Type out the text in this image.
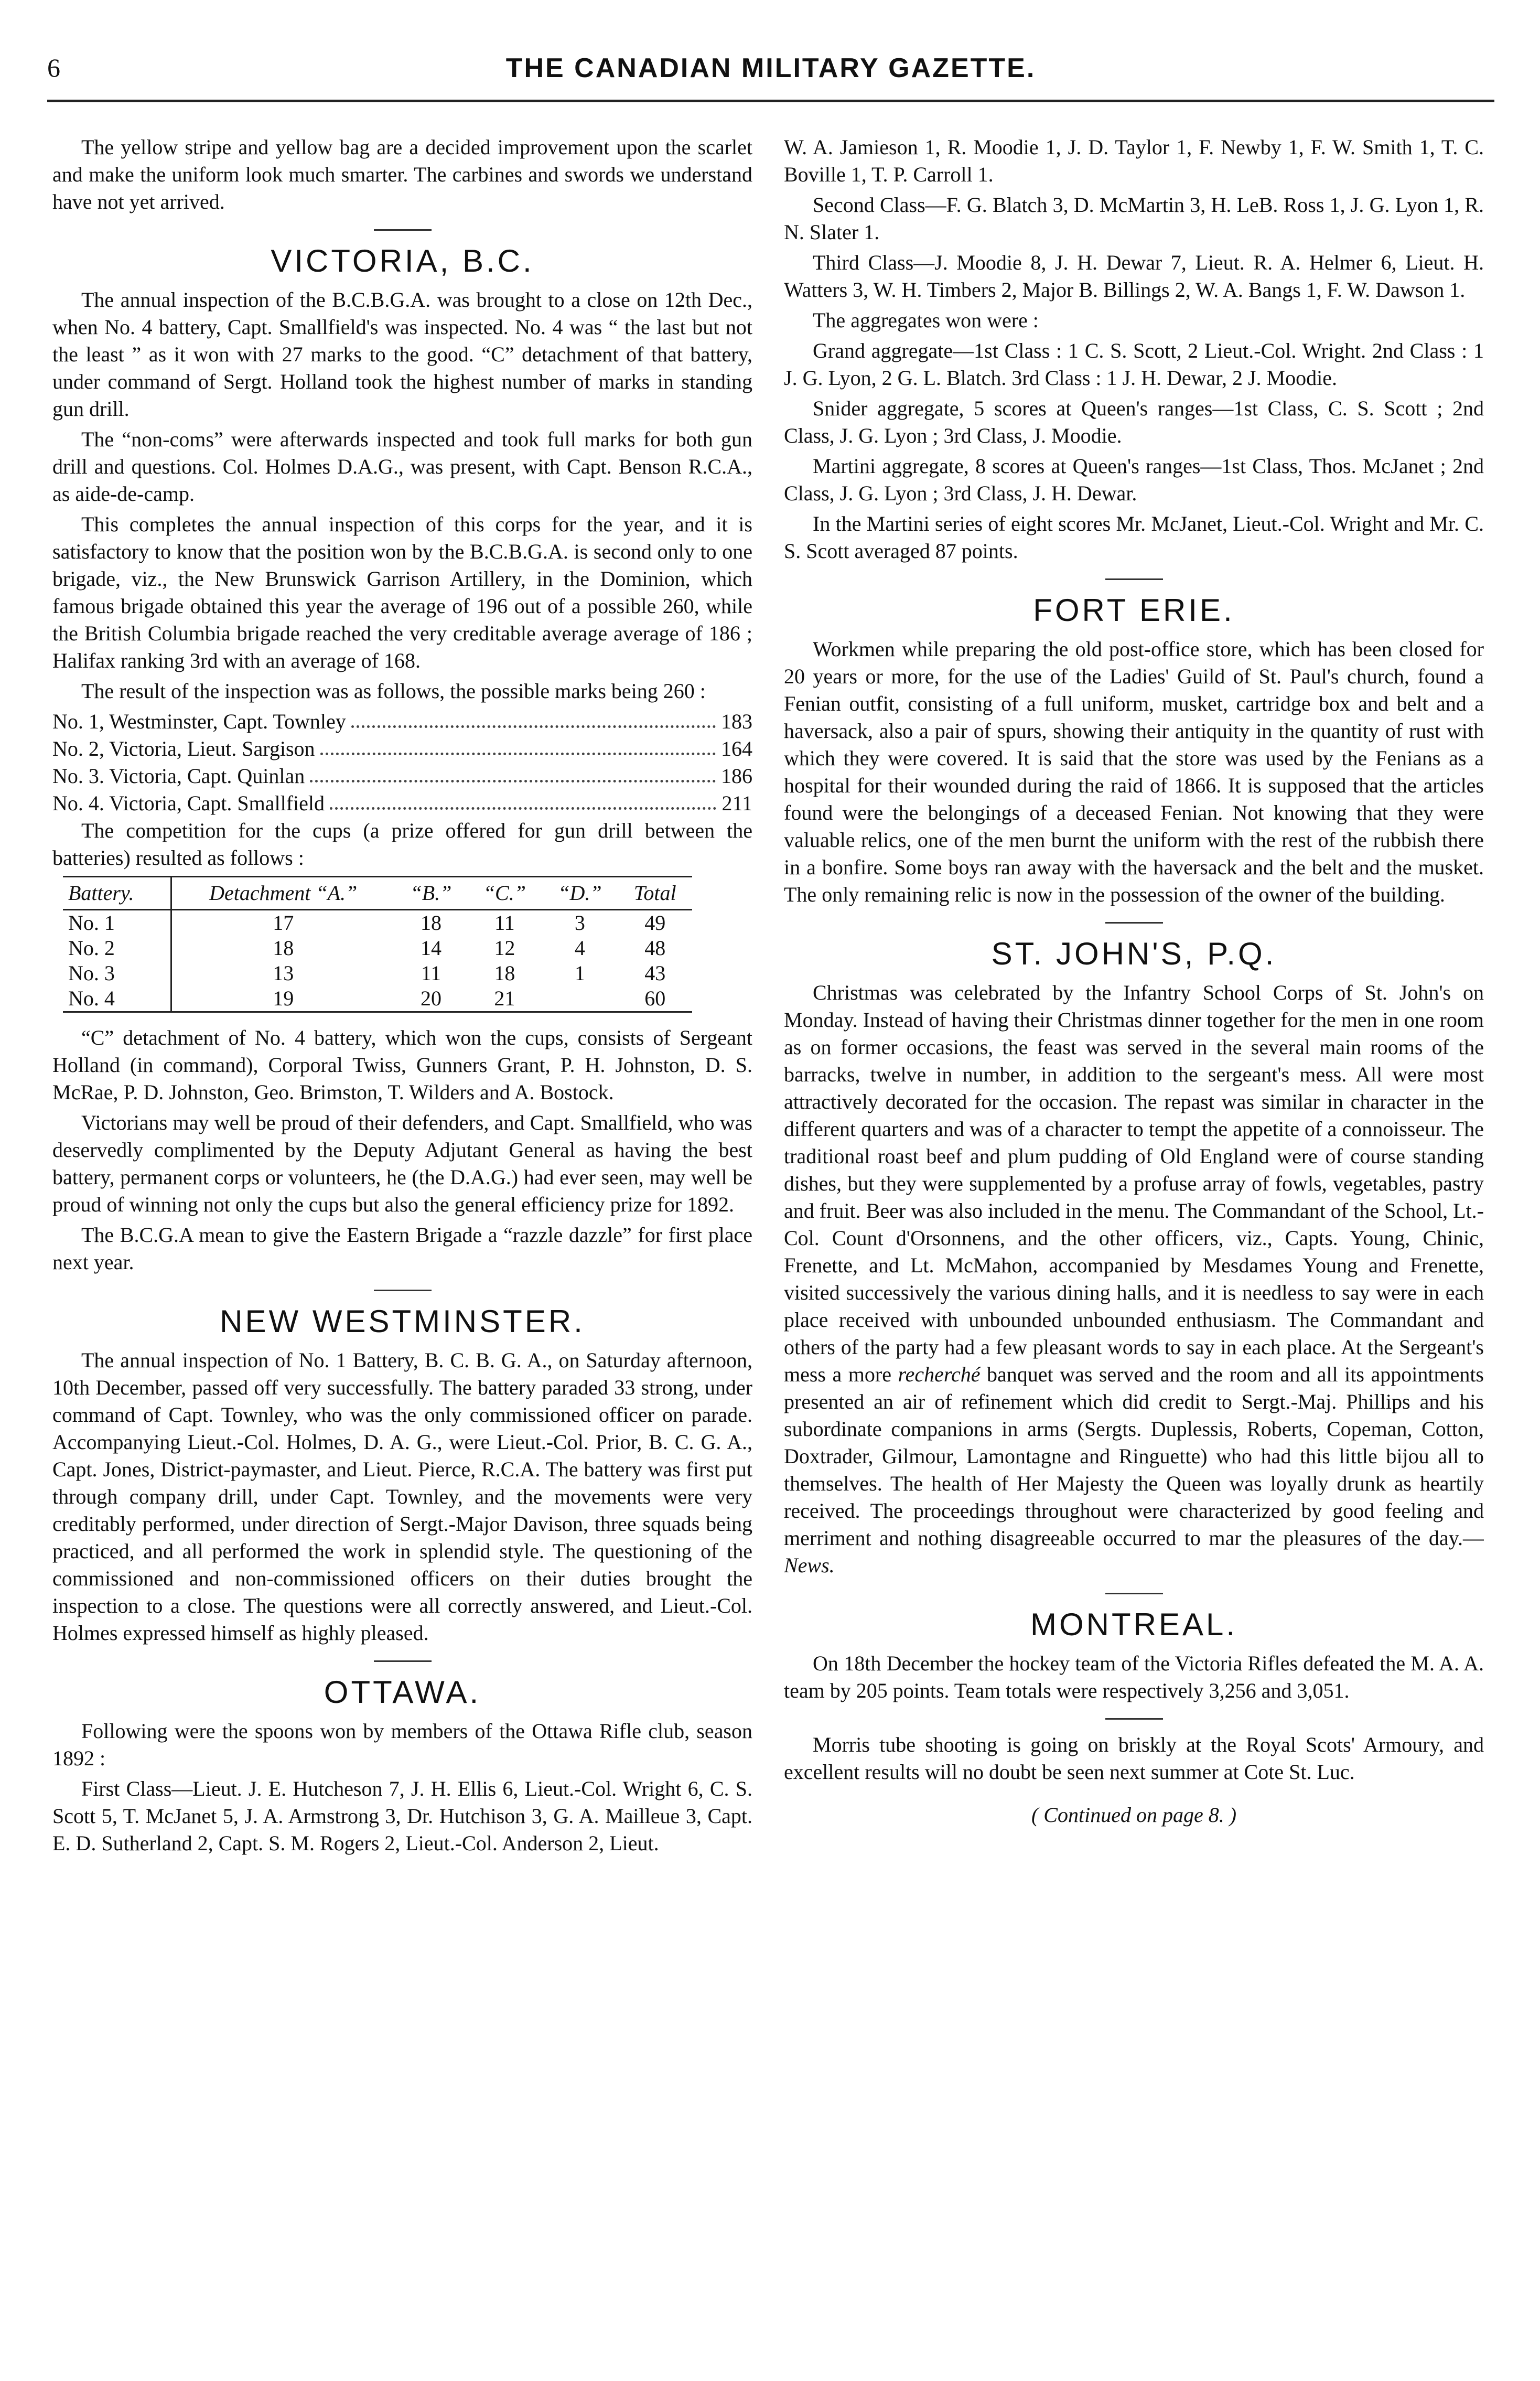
6	THE CANADIAN MILITARY GAZETTE.

The yellow stripe and yellow bag are a decided improvement upon the scarlet and make the uniform look much smarter. The carbines and swords we understand have not yet arrived.

VICTORIA, B.C.

The annual inspection of the B.C.B.G.A. was brought to a close on 12th Dec., when No. 4 battery, Capt. Smallfield's was inspected. No. 4 was “ the last but not the least ” as it won with 27 marks to the good. “C” detachment of that battery, under command of Sergt. Holland took the highest number of marks in standing gun drill.

The “non-coms” were afterwards inspected and took full marks for both gun drill and questions. Col. Holmes D.A.G., was present, with Capt. Benson R.C.A., as aide-de-camp.

This completes the annual inspection of this corps for the year, and it is satisfactory to know that the position won by the B.C.B.G.A. is second only to one brigade, viz., the New Brunswick Garrison Artillery, in the Dominion, which famous brigade obtained this year the average of 196 out of a possible 260, while the British Columbia brigade reached the very creditable average average of 186 ; Halifax ranking 3rd with an average of 168.

The result of the inspection was as follows, the possible marks being 260 :

No. 1, Westminster, Capt. Townley	183
No. 2, Victoria, Lieut. Sargison	164
No. 3. Victoria, Capt. Quinlan	186
No. 4. Victoria, Capt. Smallfield	211

The competition for the cups (a prize offered for gun drill between the batteries) resulted as follows :

Battery.	Detachment “A.”	“B.”	“C.”	“D.”	Total
No. 1	17	18	11	3	49
No. 2	18	14	12	4	48
No. 3	13	11	18	1	43
No. 4	19	20	21		60

“C” detachment of No. 4 battery, which won the cups, consists of Sergeant Holland (in command), Corporal Twiss, Gunners Grant, P. H. Johnston, D. S. McRae, P. D. Johnston, Geo. Brimston, T. Wilders and A. Bostock.

Victorians may well be proud of their defenders, and Capt. Smallfield, who was deservedly complimented by the Deputy Adjutant General as having the best battery, permanent corps or volunteers, he (the D.A.G.) had ever seen, may well be proud of winning not only the cups but also the general efficiency prize for 1892.

The B.C.G.A mean to give the Eastern Brigade a “razzle dazzle” for first place next year.

NEW WESTMINSTER.

The annual inspection of No. 1 Battery, B. C. B. G. A., on Saturday afternoon, 10th December, passed off very successfully. The battery paraded 33 strong, under command of Capt. Townley, who was the only commissioned officer on parade. Accompanying Lieut.-Col. Holmes, D. A. G., were Lieut.-Col. Prior, B. C. G. A., Capt. Jones, District-paymaster, and Lieut. Pierce, R.C.A. The battery was first put through company drill, under Capt. Townley, and the movements were very creditably performed, under direction of Sergt.-Major Davison, three squads being practiced, and all performed the work in splendid style. The questioning of the commissioned and non-commissioned officers on their duties brought the inspection to a close. The questions were all correctly answered, and Lieut.-Col. Holmes expressed himself as highly pleased.

OTTAWA.

Following were the spoons won by members of the Ottawa Rifle club, season 1892 :

First Class—Lieut. J. E. Hutcheson 7, J. H. Ellis 6, Lieut.-Col. Wright 6, C. S. Scott 5, T. McJanet 5, J. A. Armstrong 3, Dr. Hutchison 3, G. A. Mailleue 3, Capt. E. D. Sutherland 2, Capt. S. M. Rogers 2, Lieut.-Col. Anderson 2, Lieut.

W. A. Jamieson 1, R. Moodie 1, J. D. Taylor 1, F. Newby 1, F. W. Smith 1, T. C. Boville 1, T. P. Carroll 1.

Second Class—F. G. Blatch 3, D. McMartin 3, H. LeB. Ross 1, J. G. Lyon 1, R. N. Slater 1.

Third Class—J. Moodie 8, J. H. Dewar 7, Lieut. R. A. Helmer 6, Lieut. H. Watters 3, W. H. Timbers 2, Major B. Billings 2, W. A. Bangs 1, F. W. Dawson 1.

The aggregates won were :

Grand aggregate—1st Class : 1 C. S. Scott, 2 Lieut.-Col. Wright. 2nd Class : 1 J. G. Lyon, 2 G. L. Blatch. 3rd Class : 1 J. H. Dewar, 2 J. Moodie.

Snider aggregate, 5 scores at Queen's ranges—1st Class, C. S. Scott ; 2nd Class, J. G. Lyon ; 3rd Class, J. Moodie.

Martini aggregate, 8 scores at Queen's ranges—1st Class, Thos. McJanet ; 2nd Class, J. G. Lyon ; 3rd Class, J. H. Dewar.

In the Martini series of eight scores Mr. McJanet, Lieut.-Col. Wright and Mr. C. S. Scott averaged 87 points.

FORT ERIE.

Workmen while preparing the old post-office store, which has been closed for 20 years or more, for the use of the Ladies' Guild of St. Paul's church, found a Fenian outfit, consisting of a full uniform, musket, cartridge box and belt and a haversack, also a pair of spurs, showing their antiquity in the quantity of rust with which they were covered. It is said that the store was used by the Fenians as a hospital for their wounded during the raid of 1866. It is supposed that the articles found were the belongings of a deceased Fenian. Not knowing that they were valuable relics, one of the men burnt the uniform with the rest of the rubbish there in a bonfire. Some boys ran away with the haversack and the belt and the musket. The only remaining relic is now in the possession of the owner of the building.

ST. JOHN'S, P.Q.

Christmas was celebrated by the Infantry School Corps of St. John's on Monday. Instead of having their Christmas dinner together for the men in one room as on former occasions, the feast was served in the several main rooms of the barracks, twelve in number, in addition to the sergeant's mess. All were most attractively decorated for the occasion. The repast was similar in character in the different quarters and was of a character to tempt the appetite of a connoisseur. The traditional roast beef and plum pudding of Old England were of course standing dishes, but they were supplemented by a profuse array of fowls, vegetables, pastry and fruit. Beer was also included in the menu. The Commandant of the School, Lt.-Col. Count d'Orsonnens, and the other officers, viz., Capts. Young, Chinic, Frenette, and Lt. McMahon, accompanied by Mesdames Young and Frenette, visited successively the various dining halls, and it is needless to say were in each place received with unbounded unbounded enthusiasm. The Commandant and others of the party had a few pleasant words to say in each place. At the Sergeant's mess a more recherché banquet was served and the room and all its appointments presented an air of refinement which did credit to Sergt.-Maj. Phillips and his subordinate companions in arms (Sergts. Duplessis, Roberts, Copeman, Cotton, Doxtrader, Gilmour, Lamontagne and Ringuette) who had this little bijou all to themselves. The health of Her Majesty the Queen was loyally drunk as heartily received. The proceedings throughout were characterized by good feeling and merriment and nothing disagreeable occurred to mar the pleasures of the day.—News.

MONTREAL.

On 18th December the hockey team of the Victoria Rifles defeated the M. A. A. team by 205 points. Team totals were respectively 3,256 and 3,051.

Morris tube shooting is going on briskly at the Royal Scots' Armoury, and excellent results will no doubt be seen next summer at Cote St. Luc.

( Continued on page 8. )
